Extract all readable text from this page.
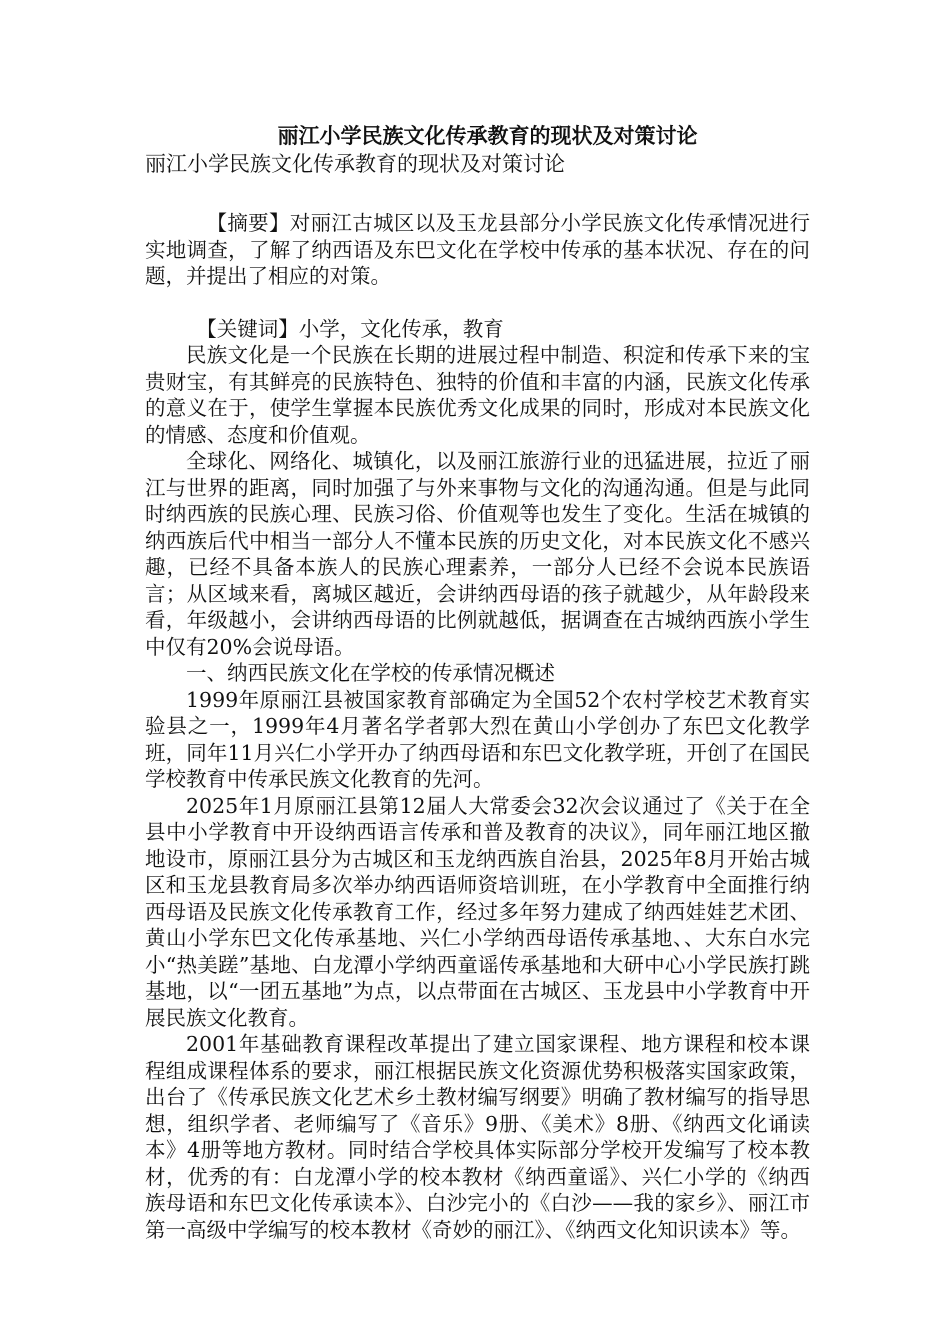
丽江小学民族文化传承教育的现状及对策讨论
丽江小学民族文化传承教育的现状及对策讨论

【摘要】对丽江古城区以及玉龙县部分小学民族文化传承情况进行实地调查，了解了纳西语及东巴文化在学校中传承的基本状况、存在的问题，并提出了相应的对策。

【关键词】小学，文化传承，教育

民族文化是一个民族在长期的进展过程中制造、积淀和传承下来的宝贵财宝，有其鲜亮的民族特色、独特的价值和丰富的内涵，民族文化传承的意义在于，使学生掌握本民族优秀文化成果的同时，形成对本民族文化的情感、态度和价值观。

全球化、网络化、城镇化，以及丽江旅游行业的迅猛进展，拉近了丽江与世界的距离，同时加强了与外来事物与文化的沟通沟通。但是与此同时纳西族的民族心理、民族习俗、价值观等也发生了变化。生活在城镇的纳西族后代中相当一部分人不懂本民族的历史文化，对本民族文化不感兴趣，已经不具备本族人的民族心理素养，一部分人已经不会说本民族语言；从区域来看，离城区越近，会讲纳西母语的孩子就越少，从年龄段来看，年级越小，会讲纳西母语的比例就越低，据调查在古城纳西族小学生中仅有20%会说母语。

一、纳西民族文化在学校的传承情况概述

1999年原丽江县被国家教育部确定为全国52个农村学校艺术教育实验县之一，1999年4月著名学者郭大烈在黄山小学创办了东巴文化教学班，同年11月兴仁小学开办了纳西母语和东巴文化教学班，开创了在国民学校教育中传承民族文化教育的先河。

2025年1月原丽江县第12届人大常委会32次会议通过了《关于在全县中小学教育中开设纳西语言传承和普及教育的决议》，同年丽江地区撤地设市，原丽江县分为古城区和玉龙纳西族自治县，2025年8月开始古城区和玉龙县教育局多次举办纳西语师资培训班，在小学教育中全面推行纳西母语及民族文化传承教育工作，经过多年努力建成了纳西娃娃艺术团、黄山小学东巴文化传承基地、兴仁小学纳西母语传承基地、、大东白水完小“热美蹉”基地、白龙潭小学纳西童谣传承基地和大研中心小学民族打跳基地，以“一团五基地”为点，以点带面在古城区、玉龙县中小学教育中开展民族文化教育。

2001年基础教育课程改革提出了建立国家课程、地方课程和校本课程组成课程体系的要求，丽江根据民族文化资源优势积极落实国家政策，出台了《传承民族文化艺术乡土教材编写纲要》明确了教材编写的指导思想，组织学者、老师编写了《音乐》9册、《美术》8册、《纳西文化诵读本》4册等地方教材。同时结合学校具体实际部分学校开发编写了校本教材，优秀的有：白龙潭小学的校本教材《纳西童谣》、兴仁小学的《纳西族母语和东巴文化传承读本》、白沙完小的《白沙——我的家乡》、丽江市第一高级中学编写的校本教材《奇妙的丽江》、《纳西文化知识读本》等。
